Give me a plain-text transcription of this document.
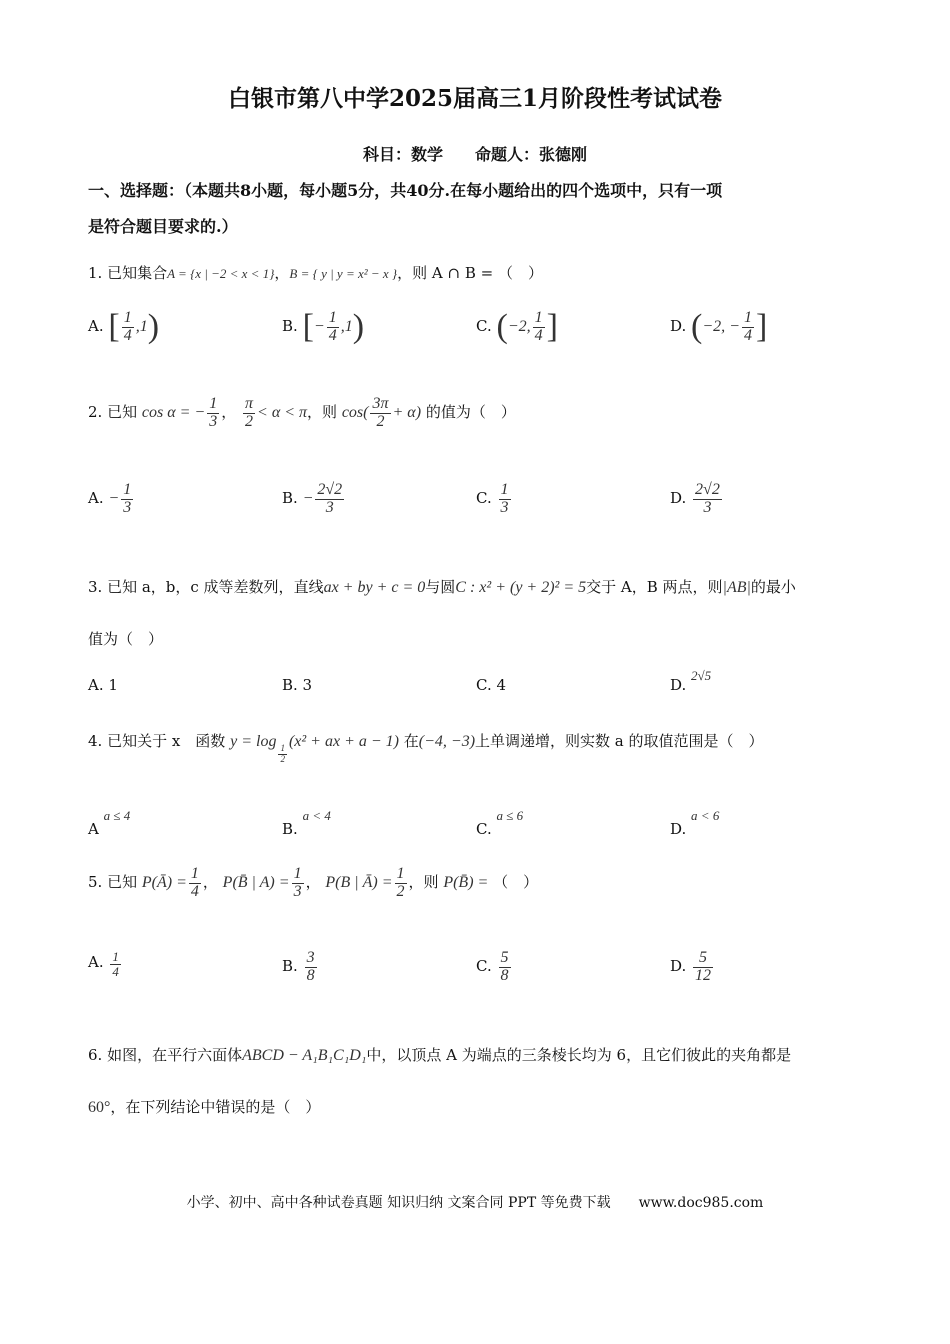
白银市第八中学2025届高三1月阶段性考试试卷
科目：数学　　命题人：张德刚
一、选择题：（本题共8小题，每小题5分，共40分.在每小题给出的四个选项中，只有一项
是符合题目要求的.）
1. 已知集合A = {x | −2 < x < 1}，B = { y | y = x² − x }，则 A ∩ B = （　）
A. [ $\frac{1}{4} ,1$)	B. [− $\frac{1}{4} ,1$)	C. (−2, $\frac{1}{4}$ ]	D. (−2, − $\frac{1}{4}$ ]
2. 已知 cos α = − $\frac{1}{3}$ ， $\frac{\pi}{2} < \alpha < \pi$，则 $\cos( \frac{3\pi}{2} + \alpha)$ 的值为（　）
A. − $\frac{1}{3}$	B. − $\frac{2√2}{3}$	C. $\frac{1}{3}$	D. $\frac{2√2}{3}$
3. 已知 a，b，c 成等差数列，直线ax + by + c = 0与圆C : x² + (y + 2)² = 5交于 A，B 两点，则|AB|的最小
值为（　）
A. 1	B. 3	C. 4	D. 2√5
4. 已知关于 x　函数 y = log
$\frac{1}{2}$
(x² + ax + a − 1) 在(−4, −3)上单调递增，则实数 a 的取值范围是（　）
A a ≤ 4
B. a < 4
C. a ≤ 6
D. a < 6
5. 已知 P(Ā) = $\frac{1}{4}$ ， P(B̄ | $A) = \frac{1}{3}$ ， P(B | Ā) = $\frac{1}{2}$ ，则 P(B̄) = （　）
A. $\frac{1}{4}$	B. $\frac{3}{8}$	C. $\frac{5}{8}$	D. $\frac{5}{12}$
6. 如图，在平行六面体ABCD − A₁B₁C₁D₁中，以顶点 A 为端点的三条棱长均为 6，且它们彼此的夹角都是
60°，在下列结论中错误的是（　）
小学、初中、高中各种试卷真题 知识归纳 文案合同 PPT 等免费下载 www.doc985.com
